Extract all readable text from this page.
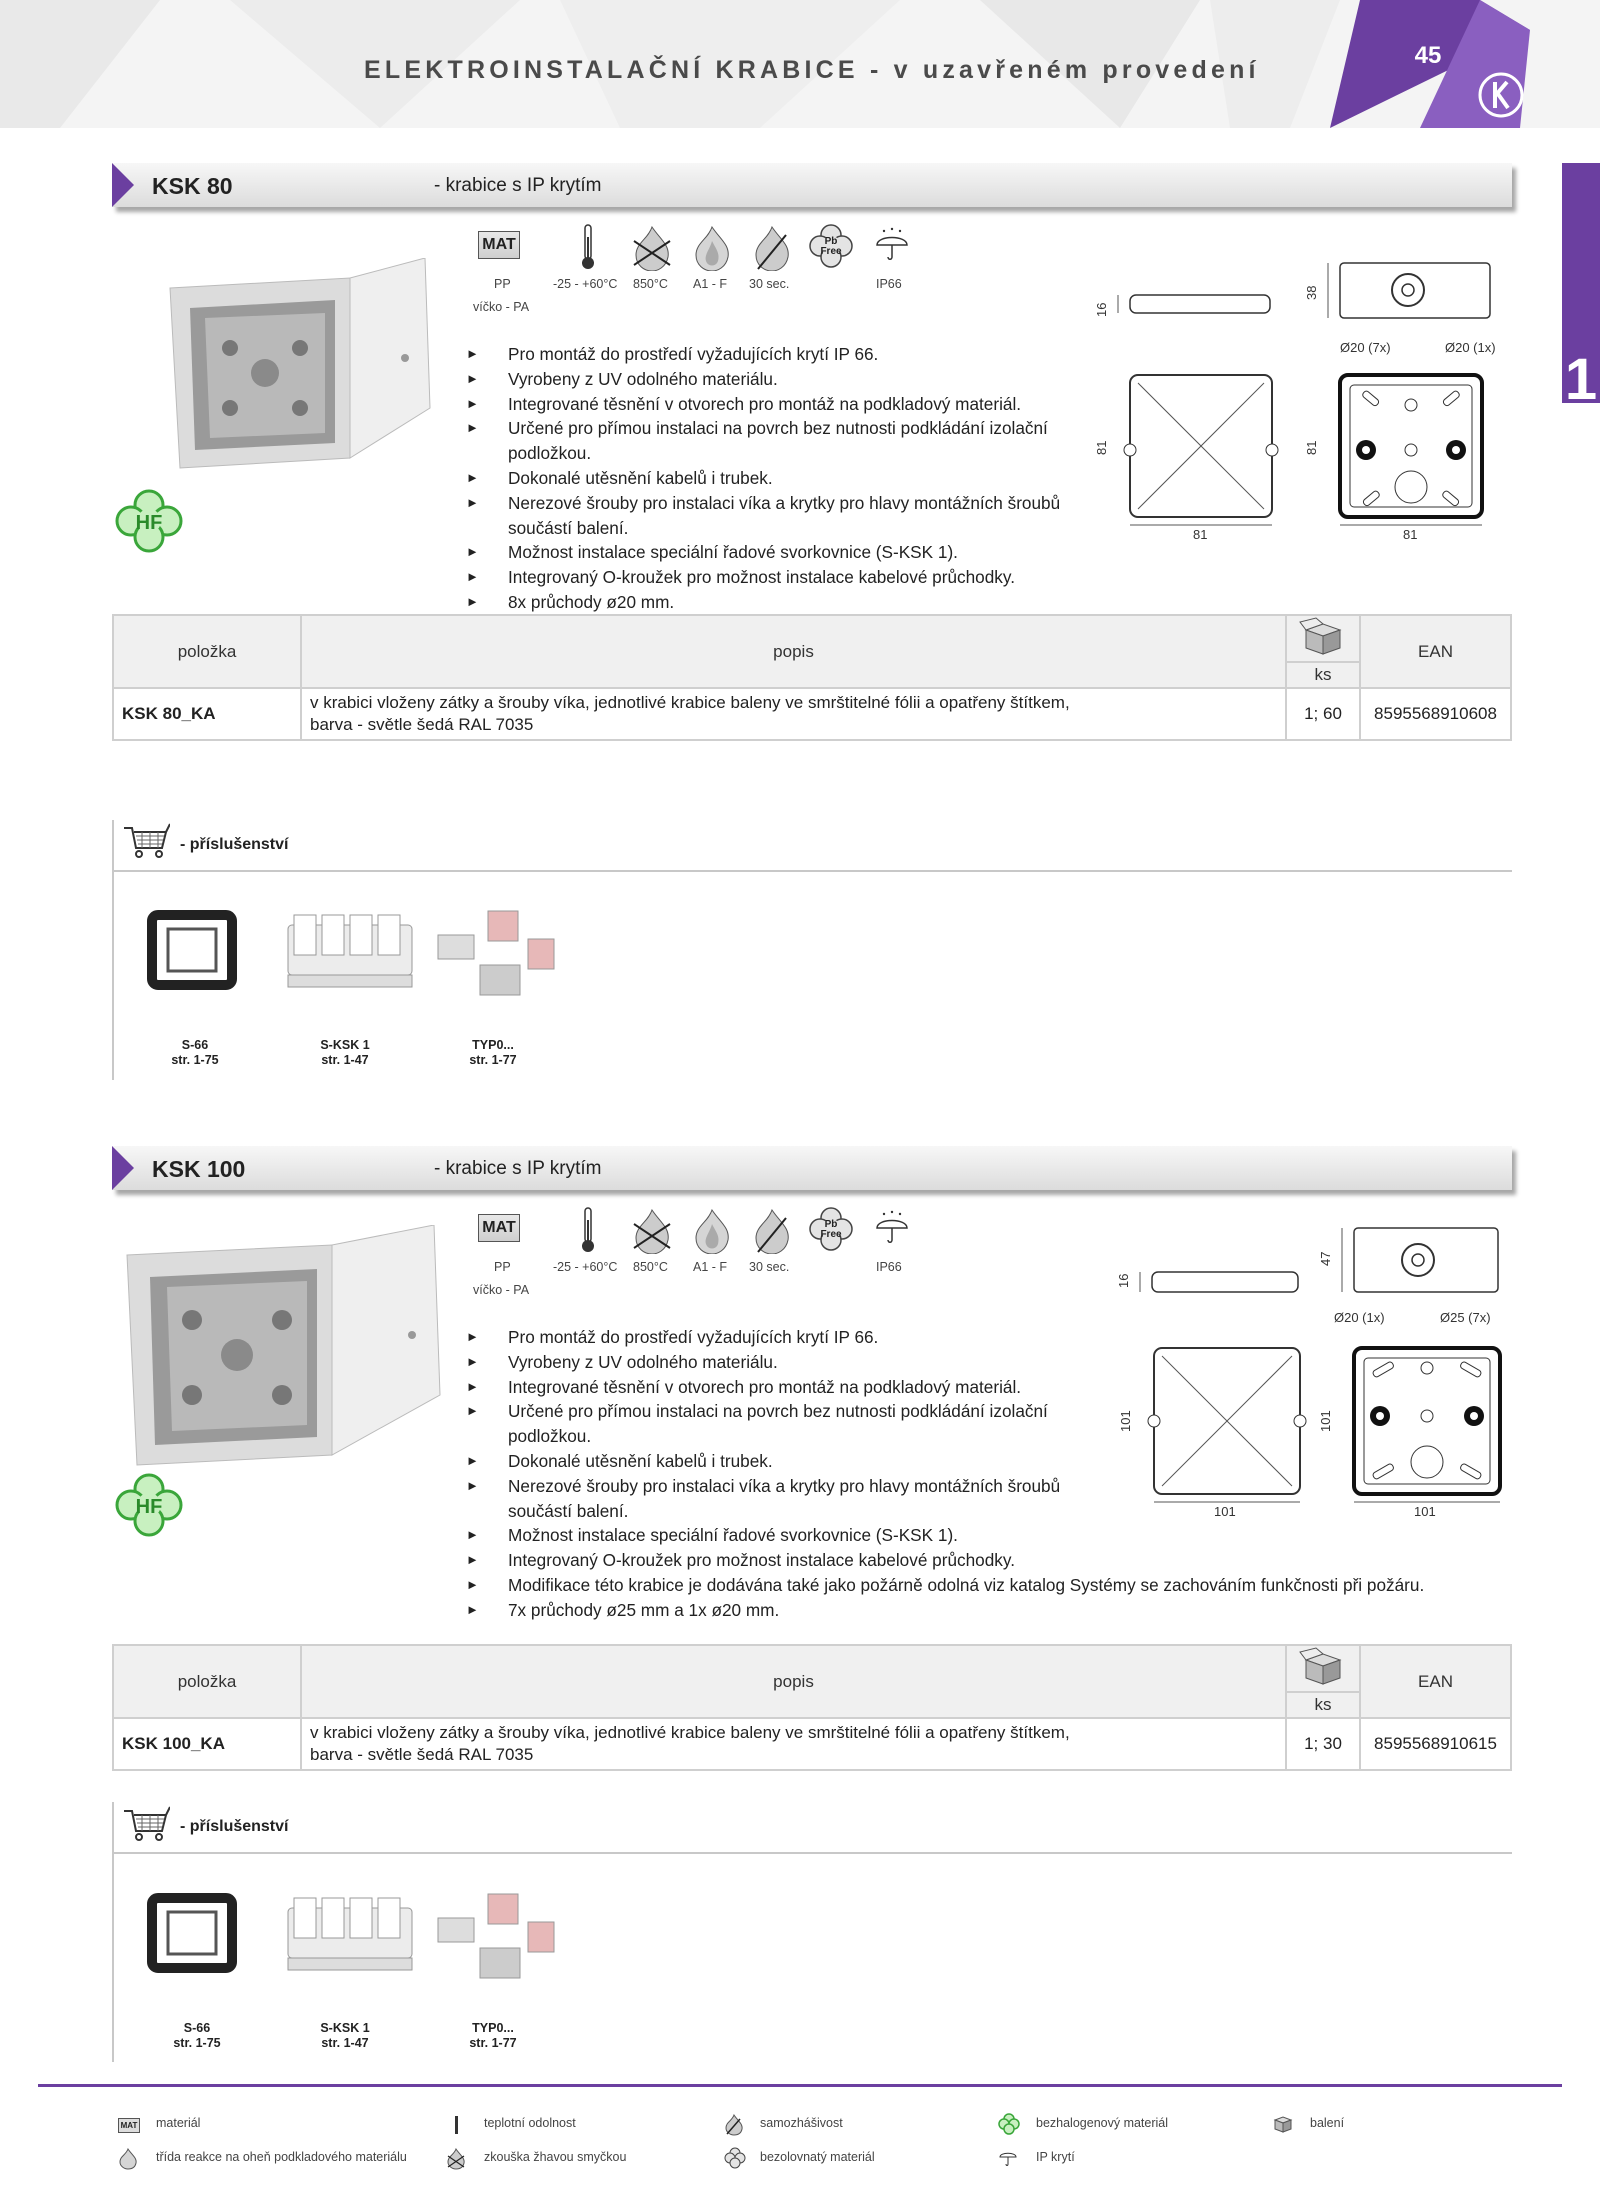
ELEKTROINSTALAČNÍ KRABICE - v uzavřeném provedení
45
1
KSK 80	- krabice s IP krytím
HF
MAT	Pb
Free
PP
víčko - PA
-25 - +60°C 850°C A1 - F 30 sec.	IP66
► Pro montáž do prostředí vyžadujících krytí IP 66.
► Vyrobeny z UV odolného materiálu.
► Integrované těsnění v otvorech pro montáž na podkladový materiál.
► Určené pro přímou instalaci na povrch bez nutnosti podkládání izolační podložkou.
► Dokonalé utěsnění kabelů i trubek.
► Nerezové šrouby pro instalaci víka a krytky pro hlavy montážních šroubů součástí balení.
► Možnost instalace speciální řadové svorkovnice (S-KSK 1).
► Integrovaný O-kroužek pro možnost instalace kabelové průchodky.
► 8x průchody ø20 mm.
16
38
Ø20 (7x)	Ø20 (1x)
81
81
81
81
položka	popis	ks	EAN
KSK 80_KA	v krabici vloženy zátky a šrouby víka, jednotlivé krabice baleny ve smrštitelné fólii a opatřeny štítkem,
barva - světle šedá RAL 7035	1; 60	8595568910608
- příslušenství
S-66
str. 1-75
S-KSK 1
str. 1-47
TYP0...
str. 1-77
KSK 100	- krabice s IP krytím
HF
MAT	Pb
Free
PP
víčko - PA
-25 - +60°C 850°C A1 - F 30 sec.	IP66
► Pro montáž do prostředí vyžadujících krytí IP 66.
► Vyrobeny z UV odolného materiálu.
► Integrované těsnění v otvorech pro montáž na podkladový materiál.
► Určené pro přímou instalaci na povrch bez nutnosti podkládání izolační podložkou.
► Dokonalé utěsnění kabelů i trubek.
► Nerezové šrouby pro instalaci víka a krytky pro hlavy montážních šroubů součástí balení.
► Možnost instalace speciální řadové svorkovnice (S-KSK 1).
► Integrovaný O-kroužek pro možnost instalace kabelové průchodky.
► Modifikace této krabice je dodávána také jako požárně odolná viz katalog Systémy se zachováním funkčnosti při požáru.
► 7x průchody ø25 mm a 1x ø20 mm.
16
47
Ø20 (1x)	Ø25 (7x)
101
101
101
101
položka	popis	ks	EAN
KSK 100_KA	v krabici vloženy zátky a šrouby víka, jednotlivé krabice baleny ve smrštitelné fólii a opatřeny štítkem,
barva - světle šedá RAL 7035	1; 30	8595568910615
- příslušenství
S-66
str. 1-75
S-KSK 1
str. 1-47
TYP0...
str. 1-77
MAT materiál	teplotní odolnost	samozhášivost	bezhalogenový materiál	balení
třída reakce na oheň podkladového materiálu	zkouška žhavou smyčkou	bezolovnatý materiál	IP krytí
